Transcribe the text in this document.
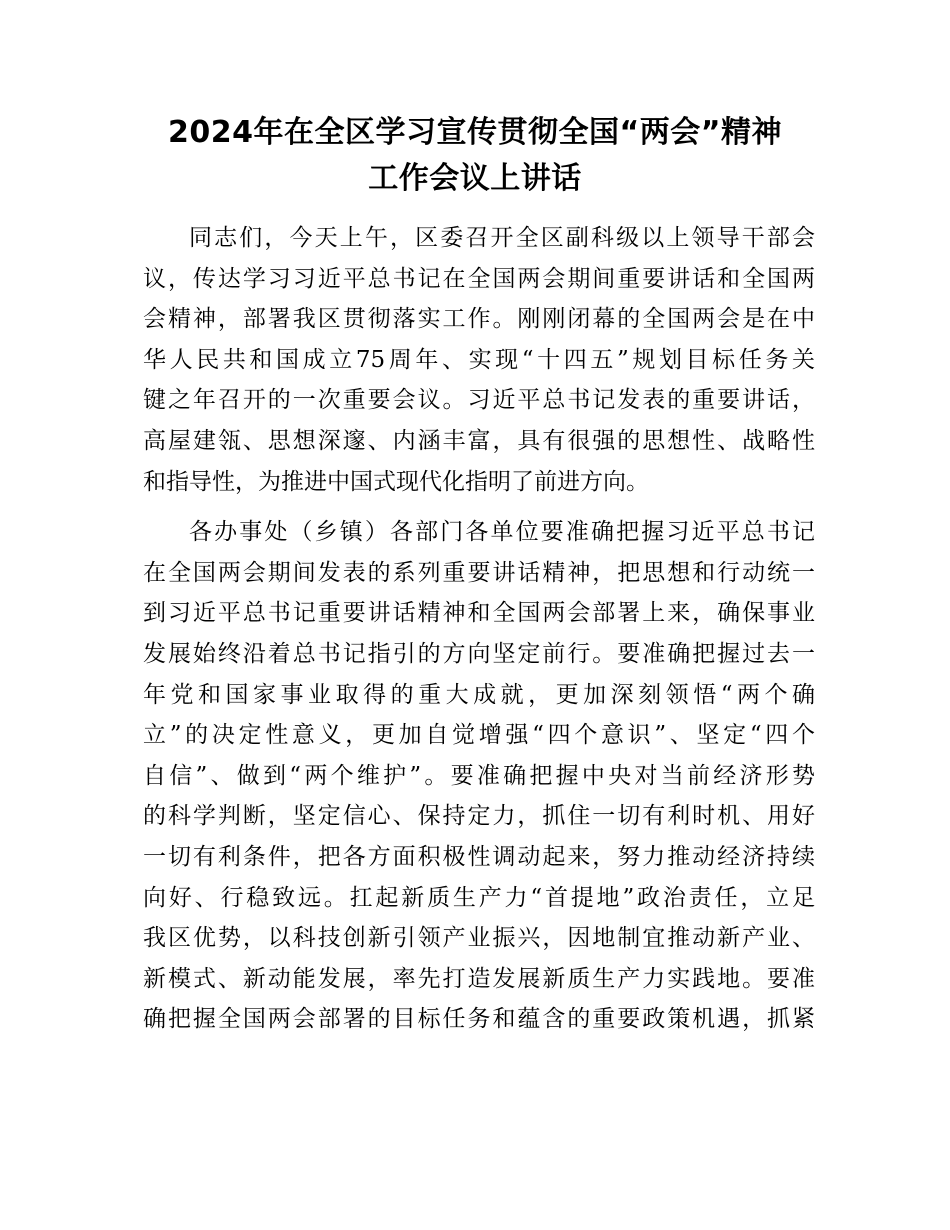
2024年在全区学习宣传贯彻全国“两会”精神
工作会议上讲话
同志们，今天上午，区委召开全区副科级以上领导干部会
议，传达学习习近平总书记在全国两会期间重要讲话和全国两
会精神，部署我区贯彻落实工作。刚刚闭幕的全国两会是在中
华人民共和国成立75周年、实现“十四五”规划目标任务关
键之年召开的一次重要会议。习近平总书记发表的重要讲话，
高屋建瓴、思想深邃、内涵丰富，具有很强的思想性、战略性
和指导性，为推进中国式现代化指明了前进方向。
各办事处（乡镇）各部门各单位要准确把握习近平总书记
在全国两会期间发表的系列重要讲话精神，把思想和行动统一
到习近平总书记重要讲话精神和全国两会部署上来，确保事业
发展始终沿着总书记指引的方向坚定前行。要准确把握过去一
年党和国家事业取得的重大成就，更加深刻领悟“两个确
立”的决定性意义，更加自觉增强“四个意识”、坚定“四个
自信”、做到“两个维护”。要准确把握中央对当前经济形势
的科学判断，坚定信心、保持定力，抓住一切有利时机、用好
一切有利条件，把各方面积极性调动起来，努力推动经济持续
向好、行稳致远。扛起新质生产力“首提地”政治责任，立足
我区优势，以科技创新引领产业振兴，因地制宜推动新产业、
新模式、新动能发展，率先打造发展新质生产力实践地。要准
确把握全国两会部署的目标任务和蕴含的重要政策机遇，抓紧
